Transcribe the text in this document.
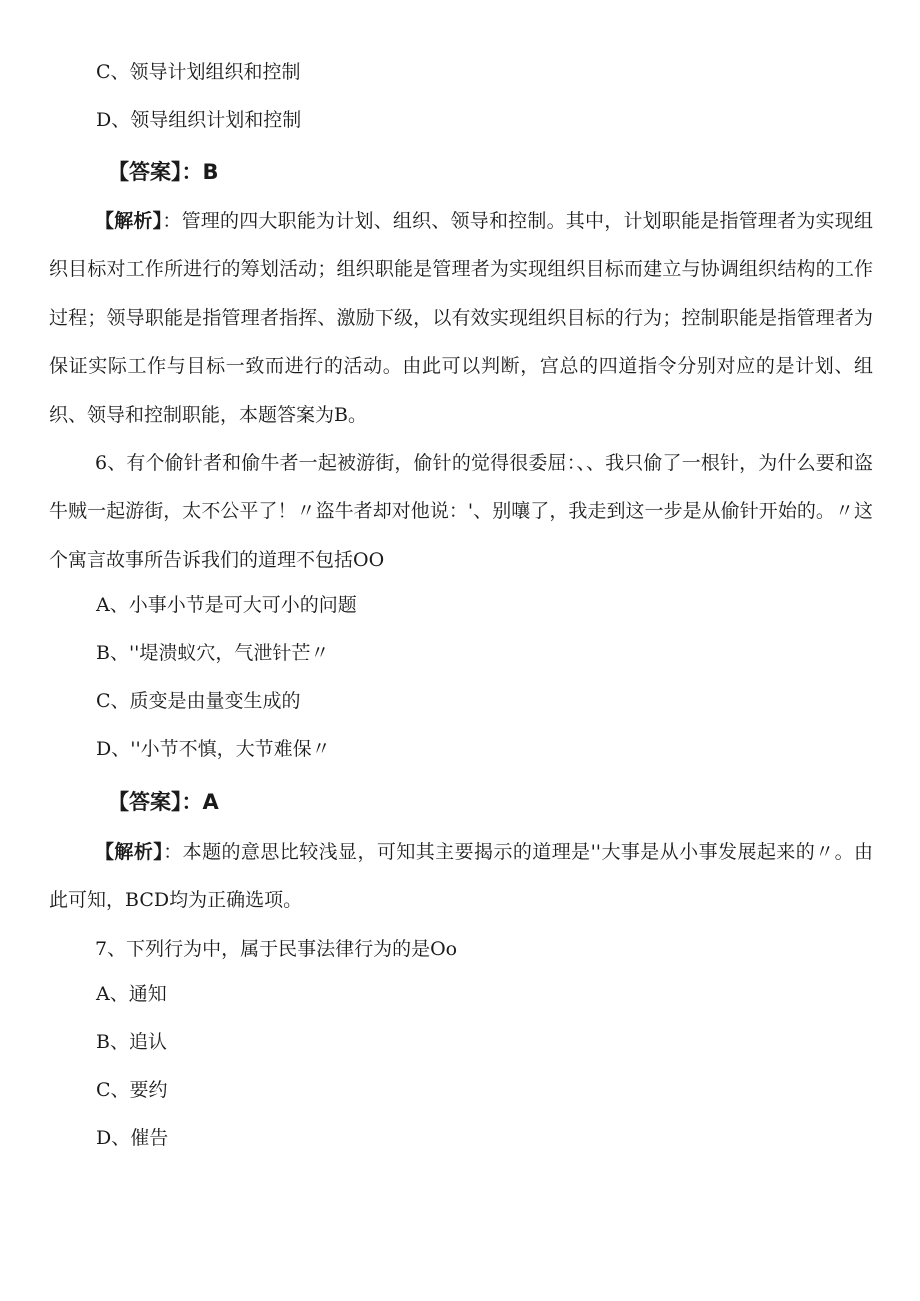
C、领导计划组织和控制
D、领导组织计划和控制
【答案】：B

【解析】：管理的四大职能为计划、组织、领导和控制。其中，计划职能是指管理者为实现组织目标对工作所进行的筹划活动；组织职能是管理者为实现组织目标而建立与协调组织结构的工作过程；领导职能是指管理者指挥、激励下级，以有效实现组织目标的行为；控制职能是指管理者为保证实际工作与目标一致而进行的活动。由此可以判断，宫总的四道指令分别对应的是计划、组织、领导和控制职能，本题答案为B。

6、有个偷针者和偷牛者一起被游街，偷针的觉得很委屈：、、我只偷了一根针，为什么要和盗牛贼一起游街，太不公平了！〃盗牛者却对他说：'、别嚷了，我走到这一步是从偷针开始的。〃这个寓言故事所告诉我们的道理不包括OO

A、小事小节是可大可小的问题
B、''堤溃蚁穴，气泄针芒〃
C、质变是由量变生成的
D、''小节不慎，大节难保〃
【答案】：A

【解析】：本题的意思比较浅显，可知其主要揭示的道理是''大事是从小事发展起来的〃。由此可知，BCD均为正确选项。

7、下列行为中，属于民事法律行为的是Oo

A、通知
B、追认
C、要约
D、催告
